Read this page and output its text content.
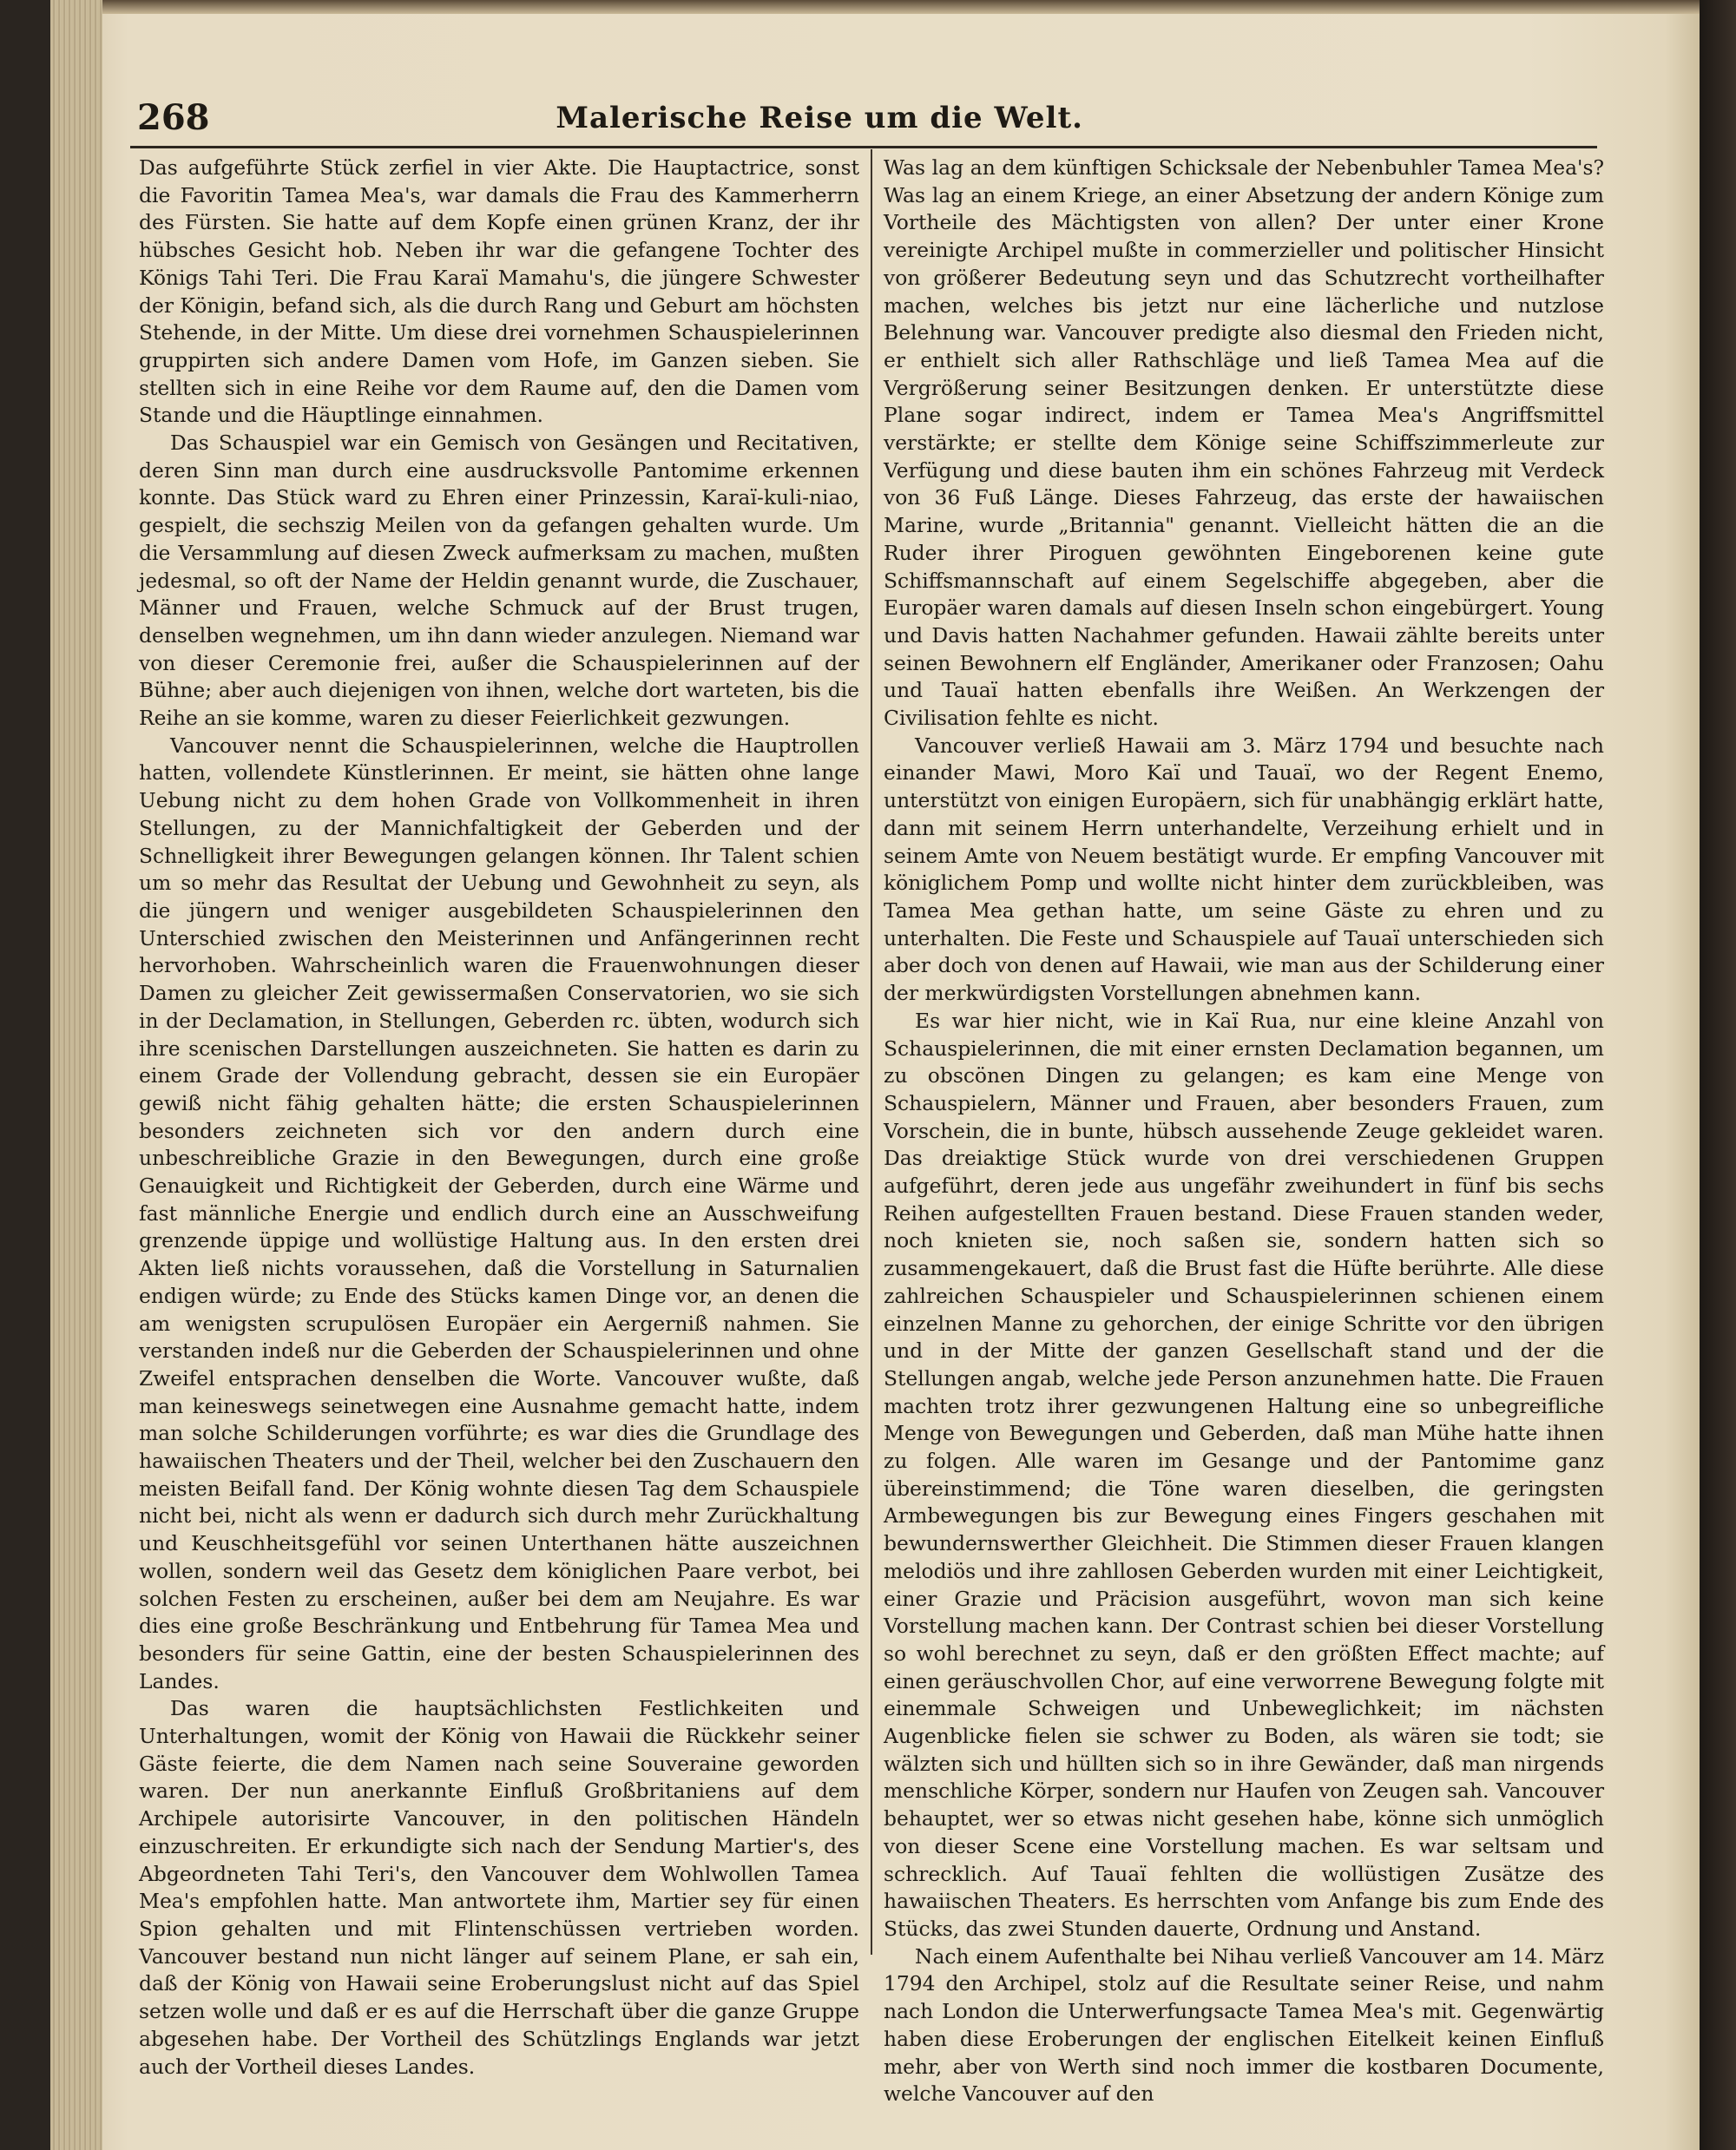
268	Malerische Reise um die Welt.

Das aufgeführte Stück zerfiel in vier Akte. Die Hauptactrice, sonst die Favoritin Tamea Mea's, war damals die Frau des Kammerherrn des Fürsten. Sie hatte auf dem Kopfe einen grünen Kranz, der ihr hübsches Gesicht hob. Neben ihr war die gefangene Tochter des Königs Tahi Teri. Die Frau Karaï Mamahu's, die jüngere Schwester der Königin, befand sich, als die durch Rang und Geburt am höchsten Stehende, in der Mitte. Um diese drei vornehmen Schauspielerinnen gruppirten sich andere Damen vom Hofe, im Ganzen sieben. Sie stellten sich in eine Reihe vor dem Raume auf, den die Damen vom Stande und die Häuptlinge einnahmen.

Das Schauspiel war ein Gemisch von Gesängen und Recitativen, deren Sinn man durch eine ausdrucksvolle Pantomime erkennen konnte. Das Stück ward zu Ehren einer Prinzessin, Karaï-kuli-niao, gespielt, die sechszig Meilen von da gefangen gehalten wurde. Um die Versammlung auf diesen Zweck aufmerksam zu machen, mußten jedesmal, so oft der Name der Heldin genannt wurde, die Zuschauer, Männer und Frauen, welche Schmuck auf der Brust trugen, denselben wegnehmen, um ihn dann wieder anzulegen. Niemand war von dieser Ceremonie frei, außer die Schauspielerinnen auf der Bühne; aber auch diejenigen von ihnen, welche dort warteten, bis die Reihe an sie komme, waren zu dieser Feierlichkeit gezwungen.

Vancouver nennt die Schauspielerinnen, welche die Hauptrollen hatten, vollendete Künstlerinnen. Er meint, sie hätten ohne lange Uebung nicht zu dem hohen Grade von Vollkommenheit in ihren Stellungen, zu der Mannichfaltigkeit der Geberden und der Schnelligkeit ihrer Bewegungen gelangen können. Ihr Talent schien um so mehr das Resultat der Uebung und Gewohnheit zu seyn, als die jüngern und weniger ausgebildeten Schauspielerinnen den Unterschied zwischen den Meisterinnen und Anfängerinnen recht hervorhoben. Wahrscheinlich waren die Frauenwohnungen dieser Damen zu gleicher Zeit gewissermaßen Conservatorien, wo sie sich in der Declamation, in Stellungen, Geberden rc. übten, wodurch sich ihre scenischen Darstellungen auszeichneten. Sie hatten es darin zu einem Grade der Vollendung gebracht, dessen sie ein Europäer gewiß nicht fähig gehalten hätte; die ersten Schauspielerinnen besonders zeichneten sich vor den andern durch eine unbeschreibliche Grazie in den Bewegungen, durch eine große Genauigkeit und Richtigkeit der Geberden, durch eine Wärme und fast männliche Energie und endlich durch eine an Ausschweifung grenzende üppige und wollüstige Haltung aus. In den ersten drei Akten ließ nichts voraussehen, daß die Vorstellung in Saturnalien endigen würde; zu Ende des Stücks kamen Dinge vor, an denen die am wenigsten scrupulösen Europäer ein Aergerniß nahmen. Sie verstanden indeß nur die Geberden der Schauspielerinnen und ohne Zweifel entsprachen denselben die Worte. Vancouver wußte, daß man keineswegs seinetwegen eine Ausnahme gemacht hatte, indem man solche Schilderungen vorführte; es war dies die Grundlage des hawaiischen Theaters und der Theil, welcher bei den Zuschauern den meisten Beifall fand. Der König wohnte diesen Tag dem Schauspiele nicht bei, nicht als wenn er dadurch sich durch mehr Zurückhaltung und Keuschheitsgefühl vor seinen Unterthanen hätte auszeichnen wollen, sondern weil das Gesetz dem königlichen Paare verbot, bei solchen Festen zu erscheinen, außer bei dem am Neujahre. Es war dies eine große Beschränkung und Entbehrung für Tamea Mea und besonders für seine Gattin, eine der besten Schauspielerinnen des Landes.

Das waren die hauptsächlichsten Festlichkeiten und Unterhaltungen, womit der König von Hawaii die Rückkehr seiner Gäste feierte, die dem Namen nach seine Souveraine geworden waren. Der nun anerkannte Einfluß Großbritaniens auf dem Archipele autorisirte Vancouver, in den politischen Händeln einzuschreiten. Er erkundigte sich nach der Sendung Martier's, des Abgeordneten Tahi Teri's, den Vancouver dem Wohlwollen Tamea Mea's empfohlen hatte. Man antwortete ihm, Martier sey für einen Spion gehalten und mit Flintenschüssen vertrieben worden. Vancouver bestand nun nicht länger auf seinem Plane, er sah ein, daß der König von Hawaii seine Eroberungslust nicht auf das Spiel setzen wolle und daß er es auf die Herrschaft über die ganze Gruppe abgesehen habe. Der Vortheil des Schützlings Englands war jetzt auch der Vortheil dieses Landes.

Was lag an dem künftigen Schicksale der Nebenbuhler Tamea Mea's? Was lag an einem Kriege, an einer Absetzung der andern Könige zum Vortheile des Mächtigsten von allen? Der unter einer Krone vereinigte Archipel mußte in commerzieller und politischer Hinsicht von größerer Bedeutung seyn und das Schutzrecht vortheilhafter machen, welches bis jetzt nur eine lächerliche und nutzlose Belehnung war. Vancouver predigte also diesmal den Frieden nicht, er enthielt sich aller Rathschläge und ließ Tamea Mea auf die Vergrößerung seiner Besitzungen denken. Er unterstützte diese Plane sogar indirect, indem er Tamea Mea's Angriffsmittel verstärkte; er stellte dem Könige seine Schiffszimmerleute zur Verfügung und diese bauten ihm ein schönes Fahrzeug mit Verdeck von 36 Fuß Länge. Dieses Fahrzeug, das erste der hawaiischen Marine, wurde „Britannia" genannt. Vielleicht hätten die an die Ruder ihrer Piroguen gewöhnten Eingeborenen keine gute Schiffsmannschaft auf einem Segelschiffe abgegeben, aber die Europäer waren damals auf diesen Inseln schon eingebürgert. Young und Davis hatten Nachahmer gefunden. Hawaii zählte bereits unter seinen Bewohnern elf Engländer, Amerikaner oder Franzosen; Oahu und Tauaï hatten ebenfalls ihre Weißen. An Werkzengen der Civilisation fehlte es nicht.

Vancouver verließ Hawaii am 3. März 1794 und besuchte nach einander Mawi, Moro Kaï und Tauaï, wo der Regent Enemo, unterstützt von einigen Europäern, sich für unabhängig erklärt hatte, dann mit seinem Herrn unterhandelte, Verzeihung erhielt und in seinem Amte von Neuem bestätigt wurde. Er empfing Vancouver mit königlichem Pomp und wollte nicht hinter dem zurückbleiben, was Tamea Mea gethan hatte, um seine Gäste zu ehren und zu unterhalten. Die Feste und Schauspiele auf Tauaï unterschieden sich aber doch von denen auf Hawaii, wie man aus der Schilderung einer der merkwürdigsten Vorstellungen abnehmen kann.

Es war hier nicht, wie in Kaï Rua, nur eine kleine Anzahl von Schauspielerinnen, die mit einer ernsten Declamation begannen, um zu obscönen Dingen zu gelangen; es kam eine Menge von Schauspielern, Männer und Frauen, aber besonders Frauen, zum Vorschein, die in bunte, hübsch aussehende Zeuge gekleidet waren. Das dreiaktige Stück wurde von drei verschiedenen Gruppen aufgeführt, deren jede aus ungefähr zweihundert in fünf bis sechs Reihen aufgestellten Frauen bestand. Diese Frauen standen weder, noch knieten sie, noch saßen sie, sondern hatten sich so zusammengekauert, daß die Brust fast die Hüfte berührte. Alle diese zahlreichen Schauspieler und Schauspielerinnen schienen einem einzelnen Manne zu gehorchen, der einige Schritte vor den übrigen und in der Mitte der ganzen Gesellschaft stand und der die Stellungen angab, welche jede Person anzunehmen hatte. Die Frauen machten trotz ihrer gezwungenen Haltung eine so unbegreifliche Menge von Bewegungen und Geberden, daß man Mühe hatte ihnen zu folgen. Alle waren im Gesange und der Pantomime ganz übereinstimmend; die Töne waren dieselben, die geringsten Armbewegungen bis zur Bewegung eines Fingers geschahen mit bewundernswerther Gleichheit. Die Stimmen dieser Frauen klangen melodiös und ihre zahllosen Geberden wurden mit einer Leichtigkeit, einer Grazie und Präcision ausgeführt, wovon man sich keine Vorstellung machen kann. Der Contrast schien bei dieser Vorstellung so wohl berechnet zu seyn, daß er den größten Effect machte; auf einen geräuschvollen Chor, auf eine verworrene Bewegung folgte mit einemmale Schweigen und Unbeweglichkeit; im nächsten Augenblicke fielen sie schwer zu Boden, als wären sie todt; sie wälzten sich und hüllten sich so in ihre Gewänder, daß man nirgends menschliche Körper, sondern nur Haufen von Zeugen sah. Vancouver behauptet, wer so etwas nicht gesehen habe, könne sich unmöglich von dieser Scene eine Vorstellung machen. Es war seltsam und schrecklich. Auf Tauaï fehlten die wollüstigen Zusätze des hawaiischen Theaters. Es herrschten vom Anfange bis zum Ende des Stücks, das zwei Stunden dauerte, Ordnung und Anstand.

Nach einem Aufenthalte bei Nihau verließ Vancouver am 14. März 1794 den Archipel, stolz auf die Resultate seiner Reise, und nahm nach London die Unterwerfungsacte Tamea Mea's mit. Gegenwärtig haben diese Eroberungen der englischen Eitelkeit keinen Einfluß mehr, aber von Werth sind noch immer die kostbaren Documente, welche Vancouver auf den
